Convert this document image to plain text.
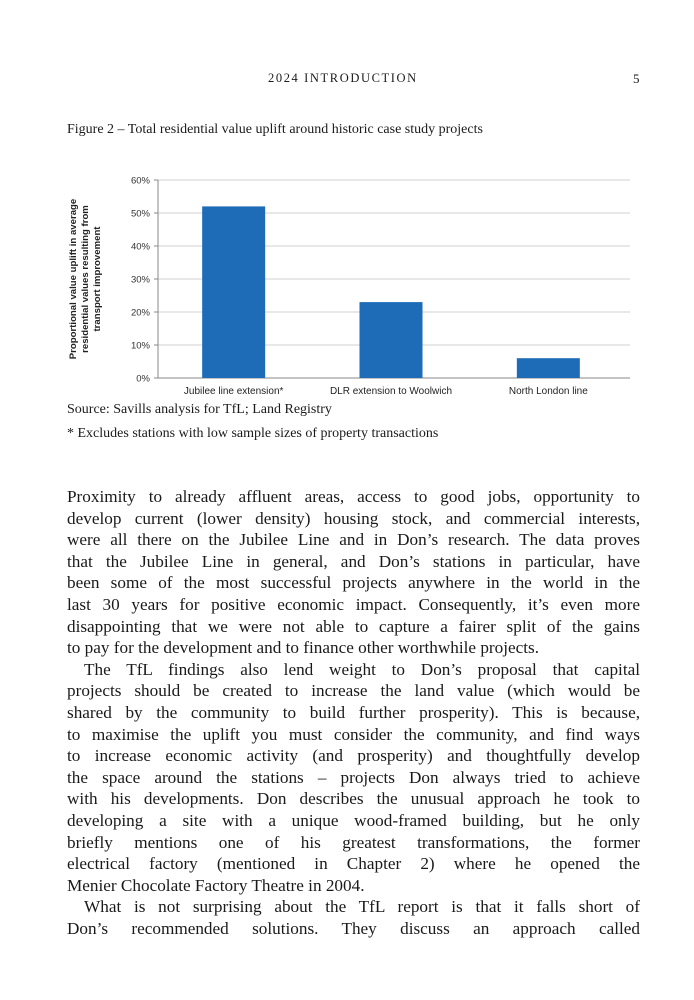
2024 INTRODUCTION	5
Figure 2 – Total residential value uplift around historic case study projects
0%
10%
20%
30%
40%
50%
60%
Jubilee line extension*	DLR extension to Woolwich	North London line
Proportional value uplift in average residential values resulting from transport improvement
Source: Savills analysis for TfL; Land Registry
* Excludes stations with low sample sizes of property transactions
Proximity to already affluent areas, access to good jobs, opportunity to
develop current (lower density) housing stock, and commercial interests,
were all there on the Jubilee Line and in Don’s research. The data proves
that the Jubilee Line in general, and Don’s stations in particular, have
been some of the most successful projects anywhere in the world in the
last 30 years for positive economic impact. Consequently, it’s even more
disappointing that we were not able to capture a fairer split of the gains
to pay for the development and to finance other worthwhile projects.
The TfL findings also lend weight to Don’s proposal that capital
projects should be created to increase the land value (which would be
shared by the community to build further prosperity). This is because,
to maximise the uplift you must consider the community, and find ways
to increase economic activity (and prosperity) and thoughtfully develop
the space around the stations – projects Don always tried to achieve
with his developments. Don describes the unusual approach he took to
developing a site with a unique wood-framed building, but he only
briefly mentions one of his greatest transformations, the former
electrical factory (mentioned in Chapter 2) where he opened the
Menier Chocolate Factory Theatre in 2004.
What is not surprising about the TfL report is that it falls short of
Don’s recommended solutions. They discuss an approach called
